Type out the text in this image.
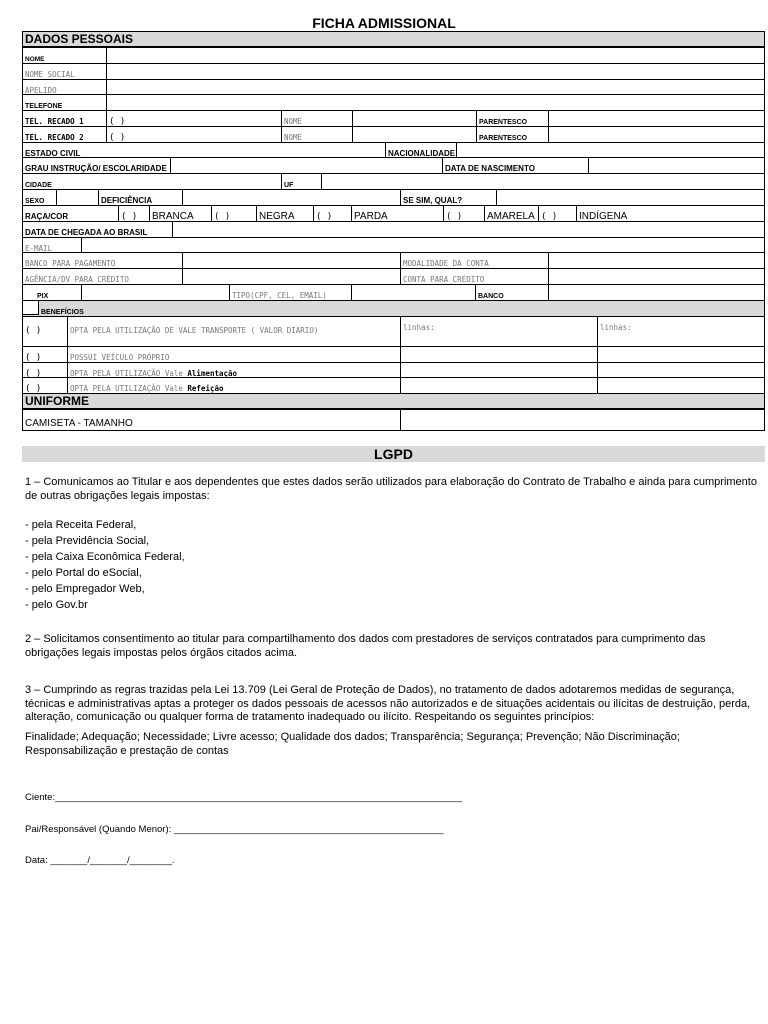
FICHA ADMISSIONAL
DADOS PESSOAIS
NOME
NOME SOCIAL
APELIDO
TELEFONE
TEL. RECADO 1	( )	NOME	PARENTESCO
TEL. RECADO 2	( )	NOME	PARENTESCO
ESTADO CIVIL	NACIONALIDADE
GRAU INSTRUÇÃO/ ESCOLARIDADE	DATA DE NASCIMENTO
CIDADE	UF
SEXO	DEFICIÊNCIA	SE SIM, QUAL?
RAÇA/COR	( )	BRANCA	( )	NEGRA	( )	PARDA	( )	AMARELA ( )	INDÍGENA
DATA DE CHEGADA AO BRASIL
E-MAIL
BANCO PARA PAGAMENTO	MODALIDADE DA CONTA
AGÊNCIA/DV PARA CRÉDITO	CONTA PARA CRÉDITO
PIX	TIPO(CPF, CEL, EMAIL)	BANCO
BENEFÍCIOS
( )	OPTA PELA UTILIZAÇÃO DE VALE TRANSPORTE ( VALOR DIARIO)	linhas:	linhas:
( )	POSSUI VEÍCULO PRÓPRIO
( )	OPTA PELA UTILIZAÇÃO Vale Alimentação
( )	OPTA PELA UTILIZAÇÃO Vale Refeição
UNIFORME
CAMISETA - TAMANHO
LGPD
1 – Comunicamos ao Titular e aos dependentes que estes dados serão utilizados para elaboração do Contrato de Trabalho e ainda para cumprimento de outras obrigações legais impostas:
- pela Receita Federal,
- pela Previdência Social,
- pela Caixa Econômica Federal,
- pelo Portal do eSocial,
- pelo Empregador Web,
- pelo Gov.br
2 – Solicitamos consentimento ao titular para compartilhamento dos dados com prestadores de serviços contratados para cumprimento das obrigações legais impostas pelos órgãos citados acima.
3 – Cumprindo as regras trazidas pela Lei 13.709 (Lei Geral de Proteção de Dados), no tratamento de dados adotaremos medidas de segurança, técnicas e administrativas aptas a proteger os dados pessoais de acessos não autorizados e de situações acidentais ou ilícitas de destruição, perda, alteração, comunicação ou qualquer forma de tratamento inadequado ou ilícito. Respeitando os seguintes princípios:
Finalidade; Adequação; Necessidade; Livre acesso; Qualidade dos dados; Transparência; Segurança; Prevenção; Não Discriminação; Responsabilização e prestação de contas
Ciente:_____________________________________________________________________________
Pai/Responsável (Quando Menor): ___________________________________________________
Data: _______/_______/________.
